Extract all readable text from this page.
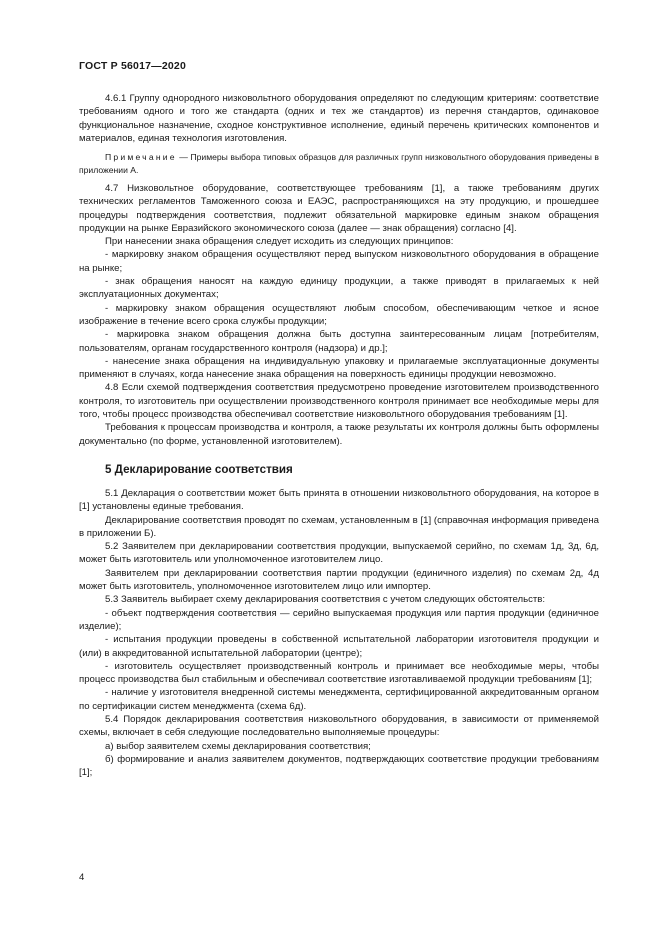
ГОСТ Р 56017—2020

4.6.1 Группу однородного низковольтного оборудования определяют по следующим критериям: соответствие требованиям одного и того же стандарта (одних и тех же стандартов) из перечня стандартов, одинаковое функциональное назначение, сходное конструктивное исполнение, единый перечень критических компонентов и материалов, единая технология изготовления.

Примечание — Примеры выбора типовых образцов для различных групп низковольтного оборудования приведены в приложении А.

4.7 Низковольтное оборудование, соответствующее требованиям [1], а также требованиям других технических регламентов Таможенного союза и ЕАЭС, распространяющихся на эту продукцию, и прошедшее процедуры подтверждения соответствия, подлежит обязательной маркировке единым знаком обращения продукции на рынке Евразийского экономического союза (далее — знак обращения) согласно [4].

При нанесении знака обращения следует исходить из следующих принципов:

- маркировку знаком обращения осуществляют перед выпуском низковольтного оборудования в обращение на рынке;

- знак обращения наносят на каждую единицу продукции, а также приводят в прилагаемых к ней эксплуатационных документах;

- маркировку знаком обращения осуществляют любым способом, обеспечивающим четкое и ясное изображение в течение всего срока службы продукции;

- маркировка знаком обращения должна быть доступна заинтересованным лицам [потребителям, пользователям, органам государственного контроля (надзора) и др.];

- нанесение знака обращения на индивидуальную упаковку и прилагаемые эксплуатационные документы применяют в случаях, когда нанесение знака обращения на поверхность единицы продукции невозможно.

4.8 Если схемой подтверждения соответствия предусмотрено проведение изготовителем производственного контроля, то изготовитель при осуществлении производственного контроля принимает все необходимые меры для того, чтобы процесс производства обеспечивал соответствие низковольтного оборудования требованиям [1].

Требования к процессам производства и контроля, а также результаты их контроля должны быть оформлены документально (по форме, установленной изготовителем).

5 Декларирование соответствия

5.1 Декларация о соответствии может быть принята в отношении низковольтного оборудования, на которое в [1] установлены единые требования.

Декларирование соответствия проводят по схемам, установленным в [1] (справочная информация приведена в приложении Б).

5.2 Заявителем при декларировании соответствия продукции, выпускаемой серийно, по схемам 1д, 3д, 6д, может быть изготовитель или уполномоченное изготовителем лицо.

Заявителем при декларировании соответствия партии продукции (единичного изделия) по схемам 2д, 4д может быть изготовитель, уполномоченное изготовителем лицо или импортер.

5.3 Заявитель выбирает схему декларирования соответствия с учетом следующих обстоятельств:

- объект подтверждения соответствия — серийно выпускаемая продукция или партия продукции (единичное изделие);

- испытания продукции проведены в собственной испытательной лаборатории изготовителя продукции и (или) в аккредитованной испытательной лаборатории (центре);

- изготовитель осуществляет производственный контроль и принимает все необходимые меры, чтобы процесс производства был стабильным и обеспечивал соответствие изготавливаемой продукции требованиям [1];

- наличие у изготовителя внедренной системы менеджмента, сертифицированной аккредитованным органом по сертификации систем менеджмента (схема 6д).

5.4 Порядок декларирования соответствия низковольтного оборудования, в зависимости от применяемой схемы, включает в себя следующие последовательно выполняемые процедуры:

а) выбор заявителем схемы декларирования соответствия;

б) формирование и анализ заявителем документов, подтверждающих соответствие продукции требованиям [1];

4
